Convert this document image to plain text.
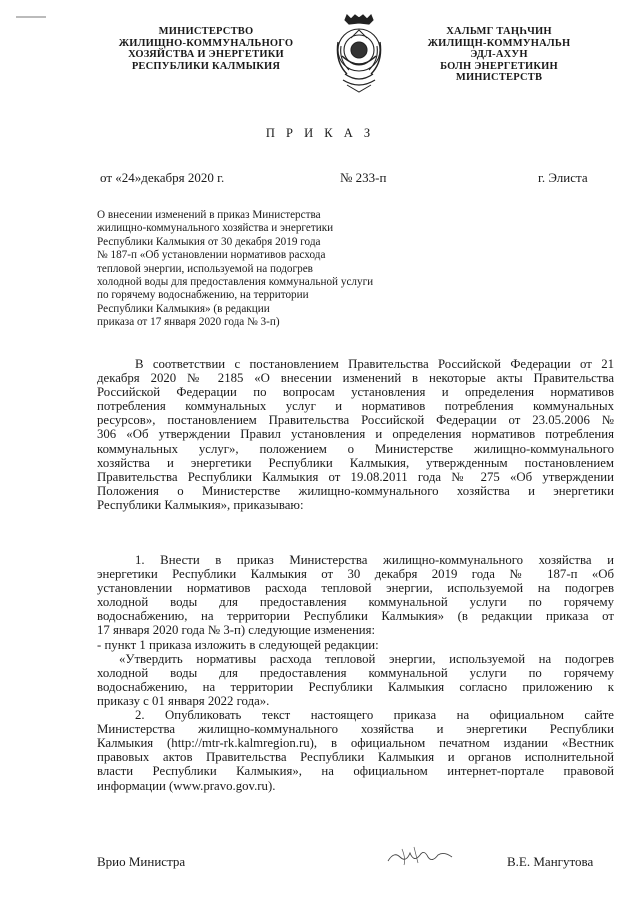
МИНИСТЕРСТВО
ЖИЛИЩНО-КОММУНАЛЬНОГО
ХОЗЯЙСТВА И ЭНЕРГЕТИКИ
РЕСПУБЛИКИ КАЛМЫКИЯ
ХАЛЬМГ ТАҢҺЧИН
ЖИЛИЩН-КОММУНАЛЬН
ЭДЛ-АХУН
БОЛН ЭНЕРГЕТИКИН
МИНИСТЕРСТВ
П Р И К А З
от «24»декабря 2020 г.	№ 233-п	г. Элиста
О внесении изменений в приказ Министерства
жилищно-коммунального хозяйства и энергетики
Республики Калмыкия от 30 декабря 2019 года
№ 187-п «Об установлении нормативов расхода
тепловой энергии, используемой на подогрев
холодной воды для предоставления коммунальной услуги
по горячему водоснабжению, на территории
Республики Калмыкия» (в редакции
приказа от 17 января 2020 года № 3-п)
В соответствии с постановлением Правительства Российской Федерации от 21
декабря 2020 № 2185 «О внесении изменений в некоторые акты Правительства
Российской Федерации по вопросам установления и определения нормативов
потребления коммунальных услуг и нормативов потребления коммунальных
ресурсов», постановлением Правительства Российской Федерации от 23.05.2006 №
306 «Об утверждении Правил установления и определения нормативов потребления
коммунальных услуг», положением о Министерстве жилищно-коммунального
хозяйства и энергетики Республики Калмыкия, утвержденным постановлением
Правительства Республики Калмыкия от 19.08.2011 года № 275 «Об утверждении
Положения о Министерстве жилищно-коммунального хозяйства и энергетики
Республики Калмыкия», приказываю:
1. Внести в приказ Министерства жилищно-коммунального хозяйства и
энергетики Республики Калмыкия от 30 декабря 2019 года № 187-п «Об
установлении нормативов расхода тепловой энергии, используемой на подогрев
холодной воды для предоставления коммунальной услуги по горячему
водоснабжению, на территории Республики Калмыкия» (в редакции приказа от
17 января 2020 года № 3-п) следующие изменения:
- пункт 1 приказа изложить в следующей редакции:
«Утвердить нормативы расхода тепловой энергии, используемой на подогрев
холодной воды для предоставления коммунальной услуги по горячему
водоснабжению, на территории Республики Калмыкия согласно приложению к
приказу с 01 января 2022 года».
2. Опубликовать текст настоящего приказа на официальном сайте
Министерства жилищно-коммунального хозяйства и энергетики Республики
Калмыкия (http://mtr-rk.kalmregion.ru), в официальном печатном издании «Вестник
правовых актов Правительства Республики Калмыкия и органов исполнительной
власти Республики Калмыкия», на официальном интернет-портале правовой
информации (www.pravo.gov.ru).
Врио Министра	В.Е. Мангутова
